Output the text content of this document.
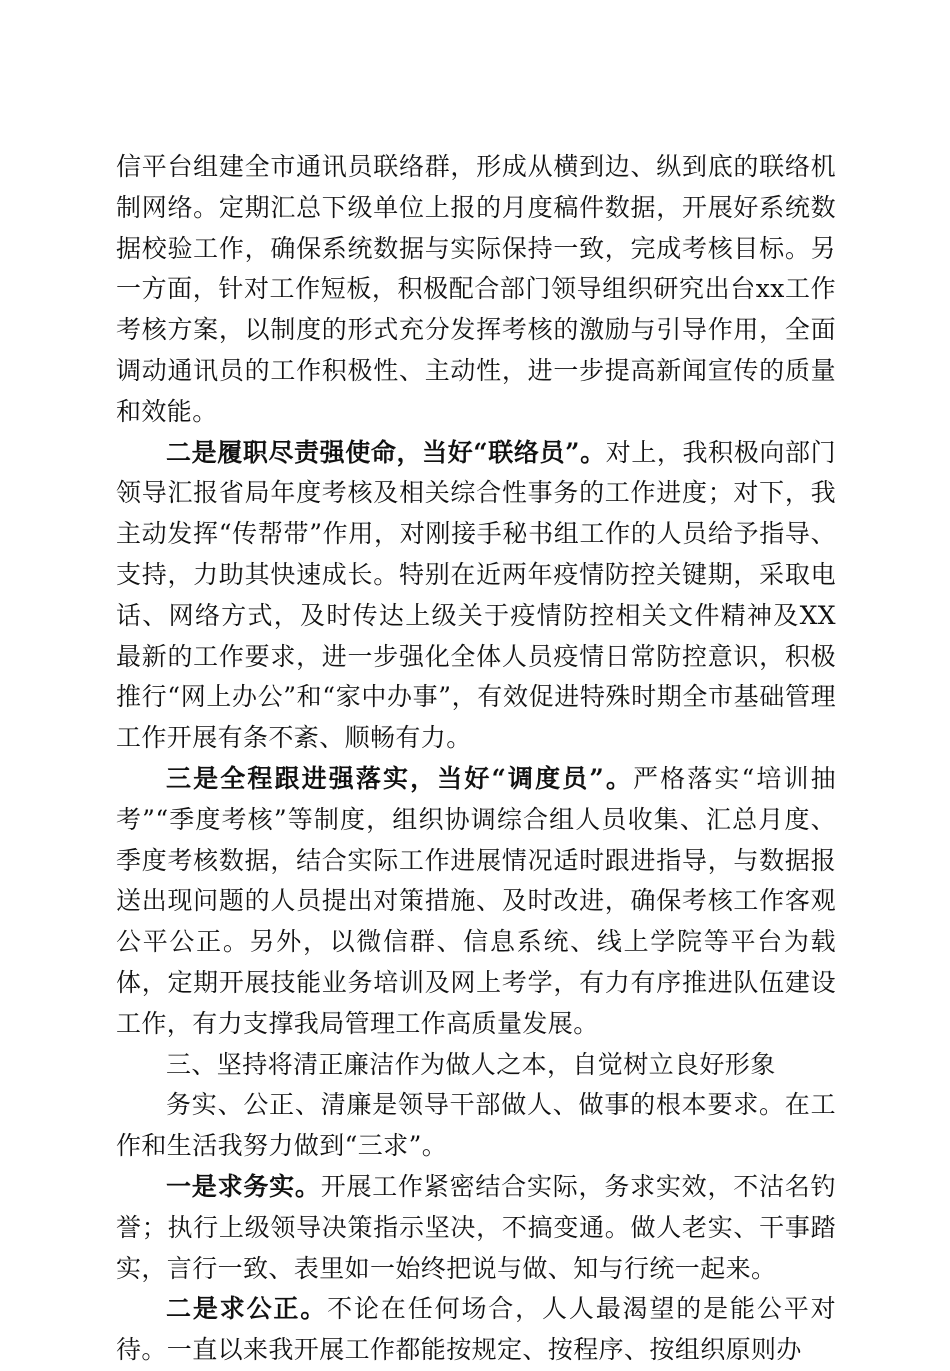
信平台组建全市通讯员联络群，形成从横到边、纵到底的联络机制网络。定期汇总下级单位上报的月度稿件数据，开展好系统数据校验工作，确保系统数据与实际保持一致，完成考核目标。另一方面，针对工作短板，积极配合部门领导组织研究出台xx工作考核方案，以制度的形式充分发挥考核的激励与引导作用，全面调动通讯员的工作积极性、主动性，进一步提高新闻宣传的质量和效能。

二是履职尽责强使命，当好“联络员”。对上，我积极向部门领导汇报省局年度考核及相关综合性事务的工作进度；对下，我主动发挥“传帮带”作用，对刚接手秘书组工作的人员给予指导、支持，力助其快速成长。特别在近两年疫情防控关键期，采取电话、网络方式，及时传达上级关于疫情防控相关文件精神及XX最新的工作要求，进一步强化全体人员疫情日常防控意识，积极推行“网上办公”和“家中办事”，有效促进特殊时期全市基础管理工作开展有条不紊、顺畅有力。

三是全程跟进强落实，当好“调度员”。严格落实“培训抽考”“季度考核”等制度，组织协调综合组人员收集、汇总月度、季度考核数据，结合实际工作进展情况适时跟进指导，与数据报送出现问题的人员提出对策措施、及时改进，确保考核工作客观公平公正。另外，以微信群、信息系统、线上学院等平台为载体，定期开展技能业务培训及网上考学，有力有序推进队伍建设工作，有力支撑我局管理工作高质量发展。

三、坚持将清正廉洁作为做人之本，自觉树立良好形象

务实、公正、清廉是领导干部做人、做事的根本要求。在工作和生活我努力做到“三求”。

一是求务实。开展工作紧密结合实际，务求实效，不沽名钓誉；执行上级领导决策指示坚决，不搞变通。做人老实、干事踏实，言行一致、表里如一始终把说与做、知与行统一起来。

二是求公正。不论在任何场合，人人最渴望的是能公平对待。一直以来我开展工作都能按规定、按程序、按组织原则办
